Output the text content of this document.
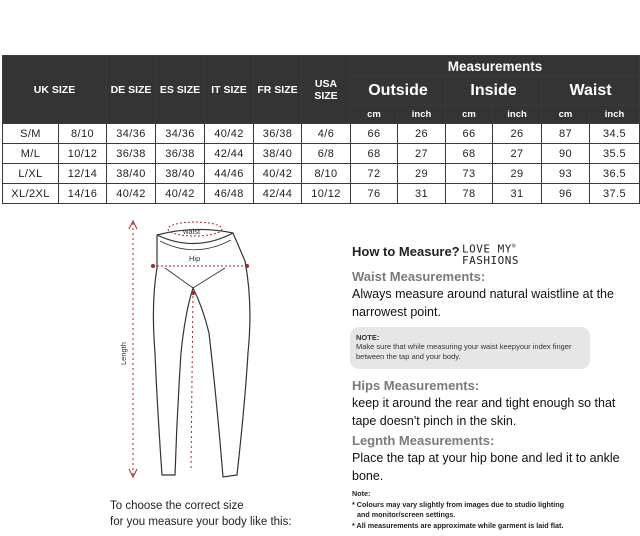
UK SIZE		DE SIZE	ES SIZE	IT SIZE	FR SIZE	USA SIZE	Measurements					
							Outside		Inside		Waist	
							cm	inch	cm	inch	cm	inch
S/M	8/10	34/36	34/36	40/42	36/38	4/6	66	26	66	26	87	34.5
M/L	10/12	36/38	36/38	42/44	38/40	6/8	68	27	68	27	90	35.5
L/XL	12/14	38/40	38/40	44/46	40/42	8/10	72	29	73	29	93	36.5
XL/2XL	14/16	40/42	40/42	46/48	42/44	10/12	76	31	78	31	96	37.5
waist
Hip
Length
To choose the correct size
for you measure your body like this:
How to Measure? LOVE MY®
FASHIONS
Waist Measurements:
Always measure around natural waistline at the narrowest point.
NOTE:
Make sure that while measuring your waist keepyour index finger between the tap and your body.
Hips Measurements:
keep it around the rear and tight enough so that tape doesn't pinch in the skin.
Legnth Measurements:
Place the tap at your hip bone and led it to ankle bone.
Note:
* Colours may vary slightly from images due to studio lighting
and monitor/screen settings.
* All measurements are approximate while garment is laid flat.
